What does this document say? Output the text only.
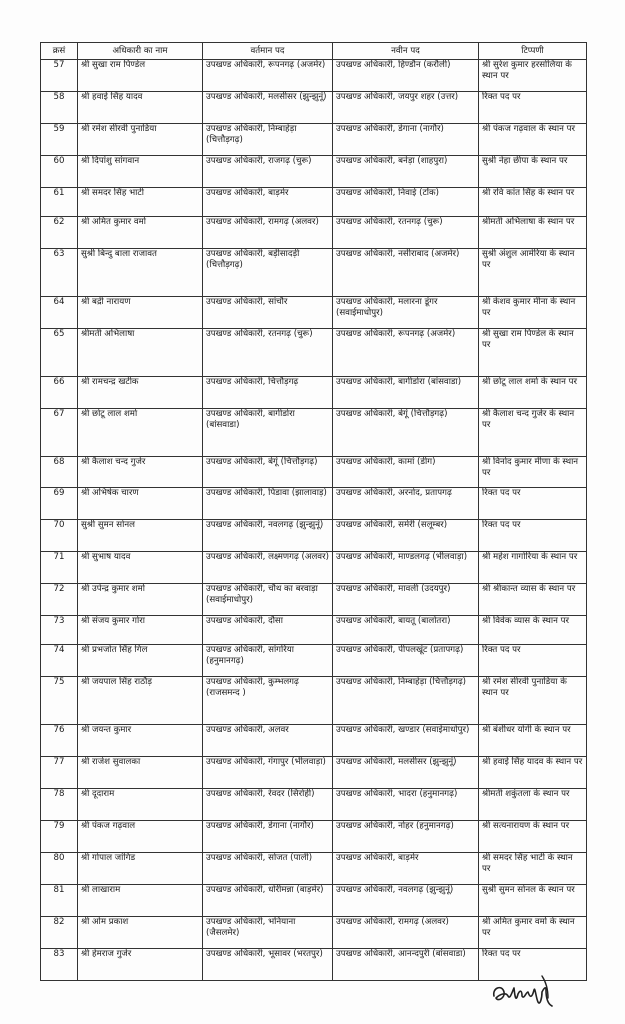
क्रसं	अधिकारी का नाम	वर्तमान पद	नवीन पद	टिप्पणी
57	श्री सुखा राम पिण्डेल	उपखण्ड अधिकारी, रूपनगढ़ (अजमेर)	उपखण्ड अधिकारी, हिण्डौन (करौली)	श्री सुरेश कुमार हरसोलिया के स्थान पर
58	श्री हवाई सिंह यादव	उपखण्ड अधिकारी, मलसीसर (झुन्झुनूं)	उपखण्ड अधिकारी, जयपुर शहर (उत्तर)	रिक्त पद पर
59	श्री रमेश सीरवी पुनाडिया	उपखण्ड अधिकारी, निम्बाहेड़ा (चित्तौड़गढ़)	उपखण्ड अधिकारी, डेगाना (नागौर)	श्री पंकज गढ़वाल के स्थान पर
60	श्री दिपांशु सांगवान	उपखण्ड अधिकारी, राजगढ़ (चुरू)	उपखण्ड अधिकारी, बनेड़ा (शाहपुरा)	सुश्री नेहा छीपा के स्थान पर
61	श्री समदर सिंह भाटी	उपखण्ड अधिकारी, बाड़मेर	उपखण्ड अधिकारी, निवाई (टोंक)	श्री रवि कांत सिंह के स्थान पर
62	श्री अमित कुमार वर्मा	उपखण्ड अधिकारी, रामगढ़ (अलवर)	उपखण्ड अधिकारी, रतनगढ़ (चुरू)	श्रीमती अभिलाषा के स्थान पर
63	सुश्री बिन्दु बाला राजावत	उपखण्ड अधिकारी, बड़ीसादड़ी (चित्तौड़गढ़)	उपखण्ड अधिकारी, नसीराबाद (अजमेर)	सुश्री अंशुल आमेरिया के स्थान पर
64	श्री बद्री नारायण	उपखण्ड अधिकारी, सांचौर	उपखण्ड अधिकारी, मलारना डूंगर (सवाईमाधोपुर)	श्री केशव कुमार मीना के स्थान पर
65	श्रीमती अभिलाषा	उपखण्ड अधिकारी, रतनगढ़ (चुरू)	उपखण्ड अधिकारी, रूपनगढ़ (अजमेर)	श्री सुखा राम पिण्डेल के स्थान पर
66	श्री रामचन्द्र खटीक	उपखण्ड अधिकारी, चित्तौड़गढ़	उपखण्ड अधिकारी, बागीडोरा (बांसवाडा)	श्री छोटू लाल शर्मा के स्थान पर
67	श्री छोटू लाल शर्मा	उपखण्ड अधिकारी, बागीडोरा (बांसवाडा)	उपखण्ड अधिकारी, बेगूं (चित्तौड़गढ़)	श्री कैलाश चन्द गुर्जर के स्थान पर
68	श्री कैलाश चन्द गुर्जर	उपखण्ड अधिकारी, बेगूं (चित्तौड़गढ़)	उपखण्ड अधिकारी, कामां (डीग)	श्री विनोद कुमार मीणा के स्थान पर
69	श्री अभिषेक चारण	उपखण्ड अधिकारी, पिडावा (झालावाड़)	उपखण्ड अधिकारी, अरनोद, प्रतापगढ़	रिक्त पद पर
70	सुश्री सुमन सोनल	उपखण्ड अधिकारी, नवलगढ़ (झुन्झुनूं)	उपखण्ड अधिकारी, समेरी (सलूम्बर)	रिक्त पद पर
71	श्री सुभाष यादव	उपखण्ड अधिकारी, लक्ष्मणगढ़ (अलवर)	उपखण्ड अधिकारी, माण्डलगढ़ (भीलवाड़ा)	श्री महेश गागोरिया के स्थान पर
72	श्री उपेन्द्र कुमार शर्मा	उपखण्ड अधिकारी, चौथ का बरवाड़ा (सवाईमाधोपुर)	उपखण्ड अधिकारी, मावली (उदयपुर)	श्री श्रीकान्त व्यास के स्थान पर
73	श्री संजय कुमार गोरा	उपखण्ड अधिकारी, दौसा	उपखण्ड अधिकारी, बायतू (बालोतरा)	श्री विवेक व्यास के स्थान पर
74	श्री प्रभजोत सिंह गिल	उपखण्ड अधिकारी, सांगरिया (हनुमानगढ़)	उपखण्ड अधिकारी, पीपलखूंट (प्रतापगढ़)	रिक्त पद पर
75	श्री जयपाल सिंह राठौड़	उपखण्ड अधिकारी, कुम्भलगढ़ (राजसमन्द )	उपखण्ड अधिकारी, निम्बाहेड़ा (चित्तौड़गढ़)	श्री रमेश सीरवी पुनाडिया के स्थान पर
76	श्री जयन्त कुमार	उपखण्ड अधिकारी, अलवर	उपखण्ड अधिकारी, खण्डार (सवाईमाधोपुर)	श्री बंशीधर योगी के स्थान पर
77	श्री राजेश सुवालका	उपखण्ड अधिकारी, गंगापुर (भीलवाड़ा)	उपखण्ड अधिकारी, मलसीसर (झुन्झुनूं)	श्री हवाई सिंह यादव के स्थान पर
78	श्री दूदाराम	उपखण्ड अधिकारी, रेवदर (सिरोही)	उपखण्ड अधिकारी, भादरा (हनुमानगढ़)	श्रीमती शकुंतला के स्थान पर
79	श्री पंकज गढ़वाल	उपखण्ड अधिकारी, डेगाना (नागौर)	उपखण्ड अधिकारी, नोहर (हनुमानगढ़)	श्री सत्यनारायण के स्थान पर
80	श्री गोपाल जांगिड	उपखण्ड अधिकारी, सोजत (पाली)	उपखण्ड अधिकारी, बाड़मेर	श्री समदर सिंह भाटी के स्थान पर
81	श्री लाखाराम	उपखण्ड अधिकारी, धोरीमन्ना (बाड़मेर)	उपखण्ड अधिकारी, नवलगढ़ (झुन्झुनूं)	सुश्री सुमन सोनल के स्थान पर
82	श्री ओम प्रकाश	उपखण्ड अधिकारी, भनियाना (जैसलमेर)	उपखण्ड अधिकारी, रामगढ़ (अलवर)	श्री अमित कुमार वर्मा के स्थान पर
83	श्री हेमराज गुर्जर	उपखण्ड अधिकारी, भूसावर (भरतपुर)	उपखण्ड अधिकारी, आनन्दपुरी (बांसवाडा)	रिक्त पद पर
